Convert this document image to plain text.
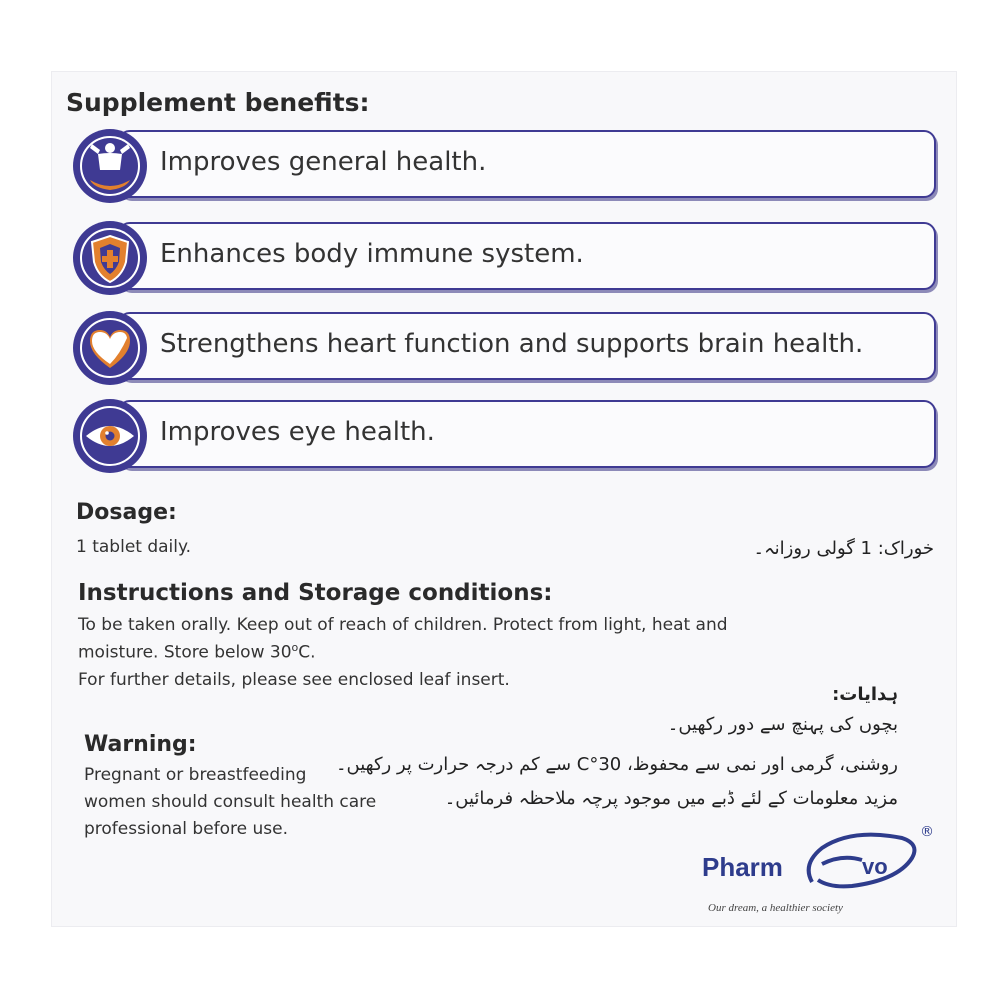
Supplement benefits:
Improves general health.
Enhances body immune system.
Strengthens heart function and supports brain health.
Improves eye health.
Dosage:

1 tablet daily.	خوراک: 1 گولی روزانہ۔
Instructions and Storage conditions:
To be taken orally. Keep out of reach of children. Protect from light, heat and
moisture. Store below 30$^o$C.
For further details, please see enclosed leaf insert.
ہدایات:
بچوں کی پہنچ سے دور رکھیں۔
روشنی، گرمی اور نمی سے محفوظ، 30°C سے کم درجہ حرارت پر رکھیں۔
مزید معلومات کے لئے ڈبے میں موجود پرچہ ملاحظہ فرمائیں۔
Warning:
Pregnant or breastfeeding
women should consult health care
professional before use.
Pharm	vo
®
Our dream, a healthier society
